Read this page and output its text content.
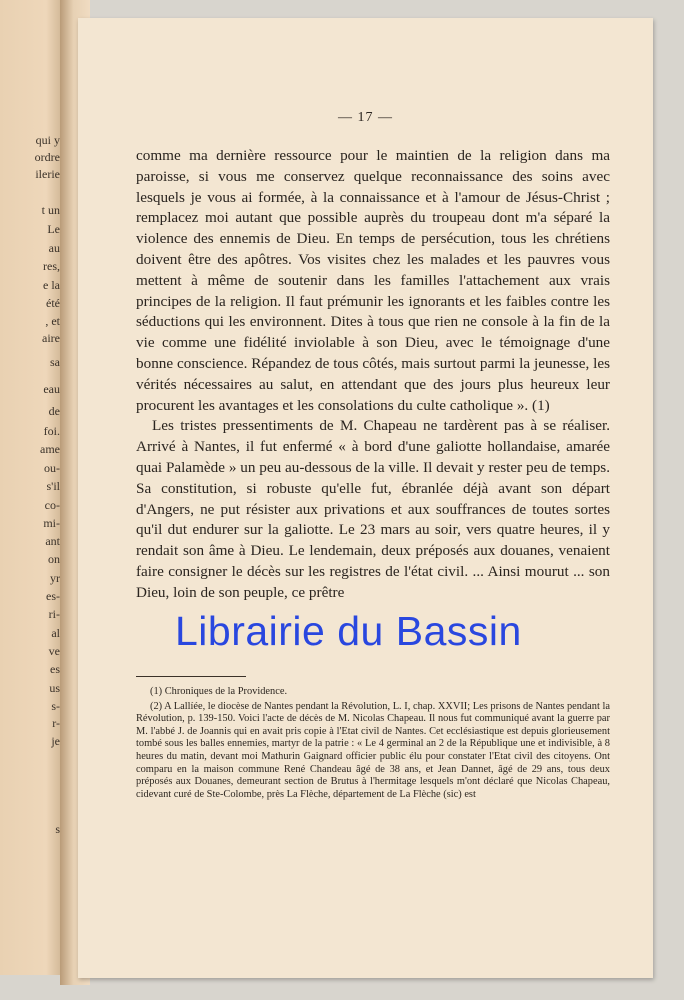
qui y
ordre
ilerie
t un
Le
au
res,
e la
été
, et
aire
sa
eau
de
foi.
ame
ou-
s'il
co-
mi-
ant
on
yr
es-
ri-
al
ve
es
us
s-
r-
je
s
— 17 —

comme ma dernière ressource pour le maintien de la religion dans ma paroisse, si vous me conservez quelque reconnaissance des soins avec lesquels je vous ai formée, à la connaissance et à l'amour de Jésus-Christ ; remplacez moi autant que possible auprès du troupeau dont m'a séparé la violence des ennemis de Dieu. En temps de persécution, tous les chrétiens doivent être des apôtres. Vos visites chez les malades et les pauvres vous mettent à même de soutenir dans les familles l'attachement aux vrais principes de la religion. Il faut prémunir les ignorants et les faibles contre les séductions qui les environnent. Dites à tous que rien ne console à la fin de la vie comme une fidélité inviolable à son Dieu, avec le témoignage d'une bonne conscience. Répandez de tous côtés, mais surtout parmi la jeunesse, les vérités nécessaires au salut, en attendant que des jours plus heureux leur procurent les avantages et les consolations du culte catholique ». (1)

Les tristes pressentiments de M. Chapeau ne tardèrent pas à se réaliser. Arrivé à Nantes, il fut enfermé « à bord d'une galiotte hollandaise, amarée quai Palamède » un peu au-dessous de la ville. Il devait y rester peu de temps. Sa constitution, si robuste qu'elle fut, ébranlée déjà avant son départ d'Angers, ne put résister aux privations et aux souffrances de toutes sortes qu'il dut endurer sur la galiotte. Le 23 mars au soir, vers quatre heures, il y rendait son âme à Dieu. Le lendemain, deux préposés aux douanes, venaient faire consigner le décès sur les registres de l'état civil. ... Ainsi mourut ... son Dieu, loin de son peuple, ce prêtre

(1) Chroniques de la Providence.

(2) A Lallíée, le diocèse de Nantes pendant la Révolution, L. I, chap. XXVII; Les prisons de Nantes pendant la Révolution, p. 139-150. Voici l'acte de décès de M. Nicolas Chapeau. Il nous fut communiqué avant la guerre par M. l'abbé J. de Joannis qui en avait pris copie à l'Etat civil de Nantes. Cet ecclésiastique est depuis glorieusement tombé sous les balles ennemies, martyr de la patrie : « Le 4 germinal an 2 de la République une et indivisible, à 8 heures du matin, devant moi Mathurin Gaignard officier public élu pour constater l'Etat civil des citoyens. Ont comparu en la maison commune René Chandeau âgé de 38 ans, et Jean Dannet, âgé de 29 ans, tous deux préposés aux Douanes, demeurant section de Brutus à l'hermitage lesquels m'ont déclaré que Nicolas Chapeau, cidevant curé de Ste-Colombe, près La Flèche, département de La Flèche (sic) est

Librairie du Bassin
